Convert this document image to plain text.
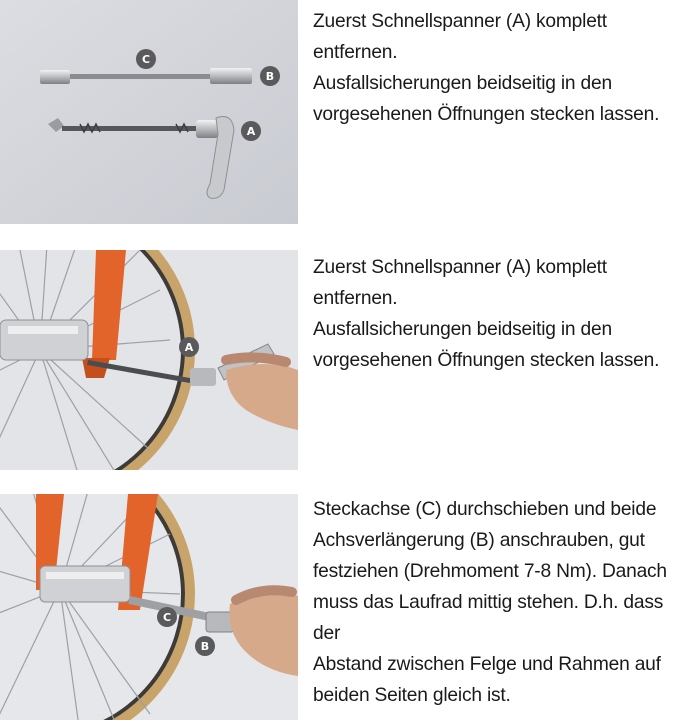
C
B
A
Zuerst Schnellspanner (A) komplett entfernen.
Ausfallsicherungen beidseitig in den
vorgesehenen Öffnungen stecken lassen.
A
Zuerst Schnellspanner (A) komplett entfernen.
Ausfallsicherungen beidseitig in den
vorgesehenen Öffnungen stecken lassen.
C
B
Steckachse (C) durchschieben und beide
Achsverlängerung (B) anschrauben, gut
festziehen (Drehmoment 7-8 Nm). Danach
muss das Laufrad mittig stehen. D.h. dass der
Abstand zwischen Felge und Rahmen auf
beiden Seiten gleich ist.
